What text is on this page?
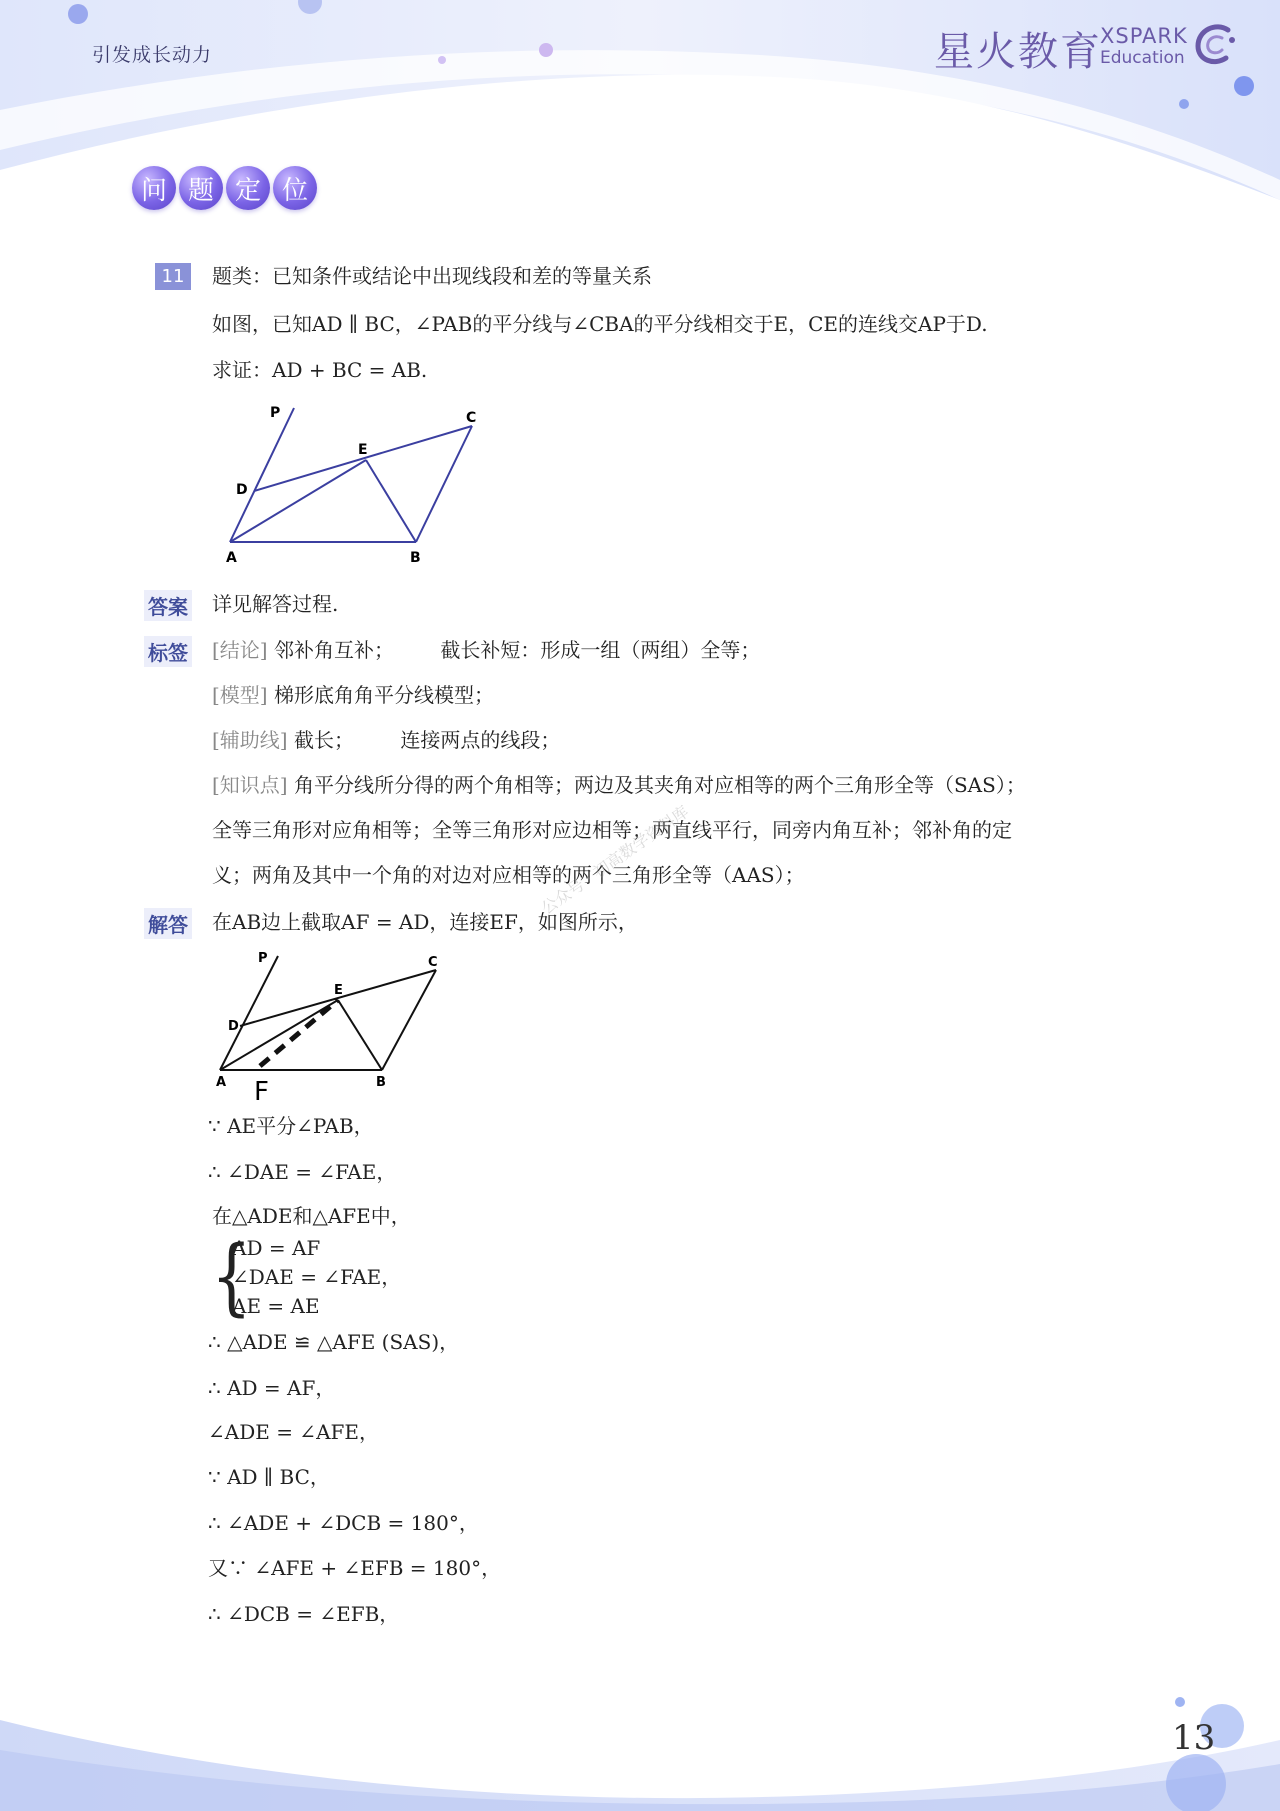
引发成长动力	星火教育
XSPARK
Education
问 题 定 位
11	题类：已知条件或结论中出现线段和差的等量关系
如图，已知AD ∥ BC，∠PAB的平分线与∠CBA的平分线相交于E，CE的连线交AP于D.
求证：AD + BC = AB.
P	C
E
D
A	B
答案 详见解答过程.
标签 [结论] 邻补角互补； 截长补短：形成一组（两组）全等；
[模型] 梯形底角角平分线模型；
[辅助线] 截长； 连接两点的线段；
[知识点] 角平分线所分得的两个角相等；两边及其夹角对应相等的两个三角形全等（SAS）；
全等三角形对应角相等；全等三角形对应边相等；两直线平行，同旁内角互补；邻补角的定
义；两角及其中一个角的对边对应相等的两个三角形全等（AAS）；
解答 在AB边上截取AF = AD，连接EF，如图所示，
公众号 · 初高数学资料库
P	C
E
D
A	B
F
∵ AE平分∠PAB，
∴ ∠DAE = ∠FAE，
在△ADE和△AFE中，
{
AD = AF
∠DAE = ∠FAE，
AE = AE
∴ △ADE ≌ △AFE (SAS)，
∴ AD = AF，
∠ADE = ∠AFE，
∵ AD ∥ BC，
∴ ∠ADE + ∠DCB = 180°，
又∵ ∠AFE + ∠EFB = 180°，
∴ ∠DCB = ∠EFB，
13
